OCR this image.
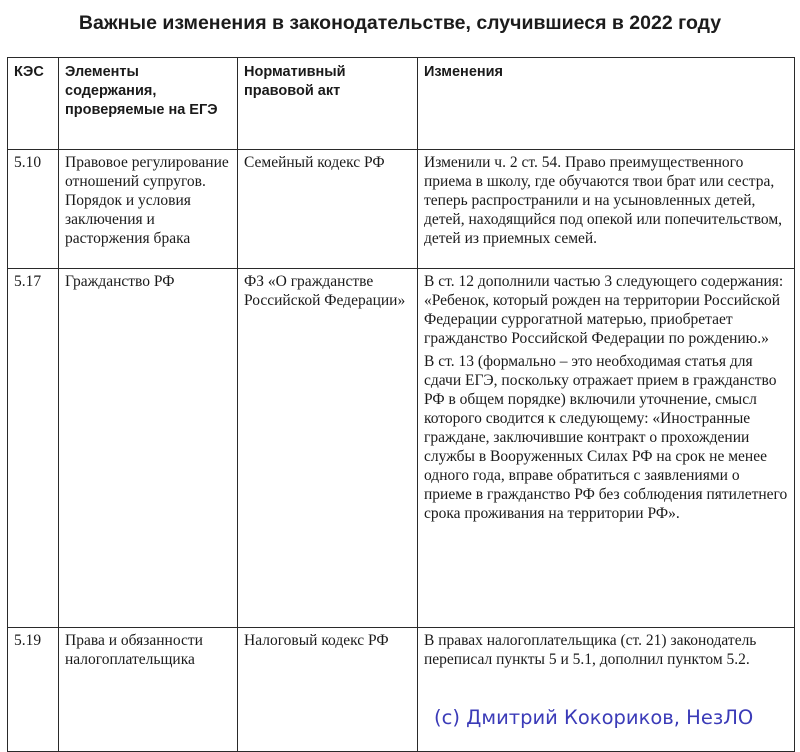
Важные изменения в законодательстве, случившиеся в 2022 году
КЭС	Элементы содержания, проверяемые на ЕГЭ	Нормативный правовой акт	Изменения
5.10	Правовое регулирование отношений супругов. Порядок и условия заключения и расторжения брака	Семейный кодекс РФ	Изменили ч. 2 ст. 54. Право преимущественного приема в школу, где обучаются твои брат или сестра, теперь распространили и на усыновленных детей, детей, находящийся под опекой или попечительством, детей из приемных семей.

5.17	Гражданство РФ	ФЗ «О гражданстве Российской Федерации»	В ст. 12 дополнили частью 3 следующего содержания: «Ребенок, который рожден на территории Российской Федерации суррогатной матерью, приобретает гражданство Российской Федерации по рождению.»
В ст. 13 (формально – это необходимая статья для сдачи ЕГЭ, поскольку отражает прием в гражданство РФ в общем порядке) включили уточнение, смысл которого сводится к следующему: «Иностранные граждане, заключившие контракт о прохождении службы в Вооруженных Силах РФ на срок не менее одного года, вправе обратиться с заявлениями о приеме в гражданство РФ без соблюдения пятилетнего срока проживания на территории РФ».

5.19	Права и обязанности налогоплательщика	Налоговый кодекс РФ	В правах налогоплательщика (ст. 21) законодатель переписал пункты 5 и 5.1, дополнил пунктом 5.2.
(с) Дмитрий Кокориков, НезЛО
